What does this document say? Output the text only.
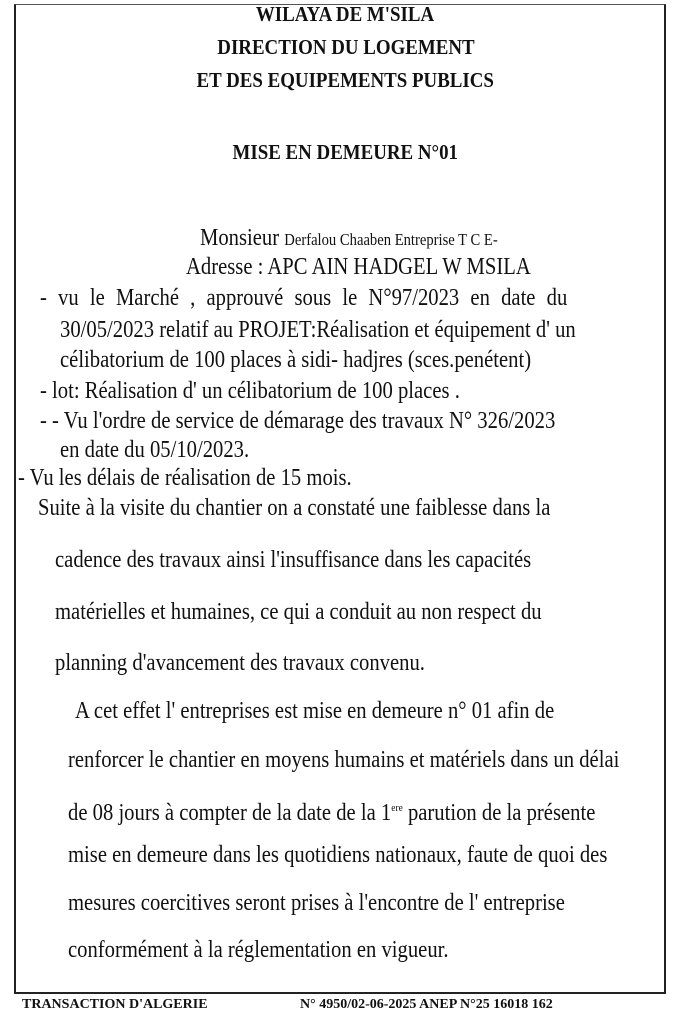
WILAYA DE M'SILA
DIRECTION DU LOGEMENT
ET DES EQUIPEMENTS PUBLICS
MISE EN DEMEURE N°01
Monsieur Derfalou Chaaben Entreprise T C E-
Adresse : APC AIN HADGEL W MSILA
- vu le Marché , approuvé sous le N°97/2023 en date du
30/05/2023 relatif au PROJET:Réalisation et équipement d' un
célibatorium de 100 places à sidi- hadjres (sces.penétent)
- lot: Réalisation d' un célibatorium de 100 places .
- - Vu l'ordre de service de démarage des travaux N° 326/2023
en date du 05/10/2023.
- Vu les délais de réalisation de 15 mois.
Suite à la visite du chantier on a constaté une faiblesse dans la
cadence des travaux ainsi l'insuffisance dans les capacités
matérielles et humaines, ce qui a conduit au non respect du
planning d'avancement des travaux convenu.
A cet effet l' entreprises est mise en demeure n° 01 afin de
renforcer le chantier en moyens humains et matériels dans un délai
de 08 jours à compter de la date de la 1ere parution de la présente
mise en demeure dans les quotidiens nationaux, faute de quoi des
mesures coercitives seront prises à l'encontre de l' entreprise
conformément à la réglementation en vigueur.
TRANSACTION D'ALGERIE	N° 4950/02-06-2025 ANEP N°25 16018 162
